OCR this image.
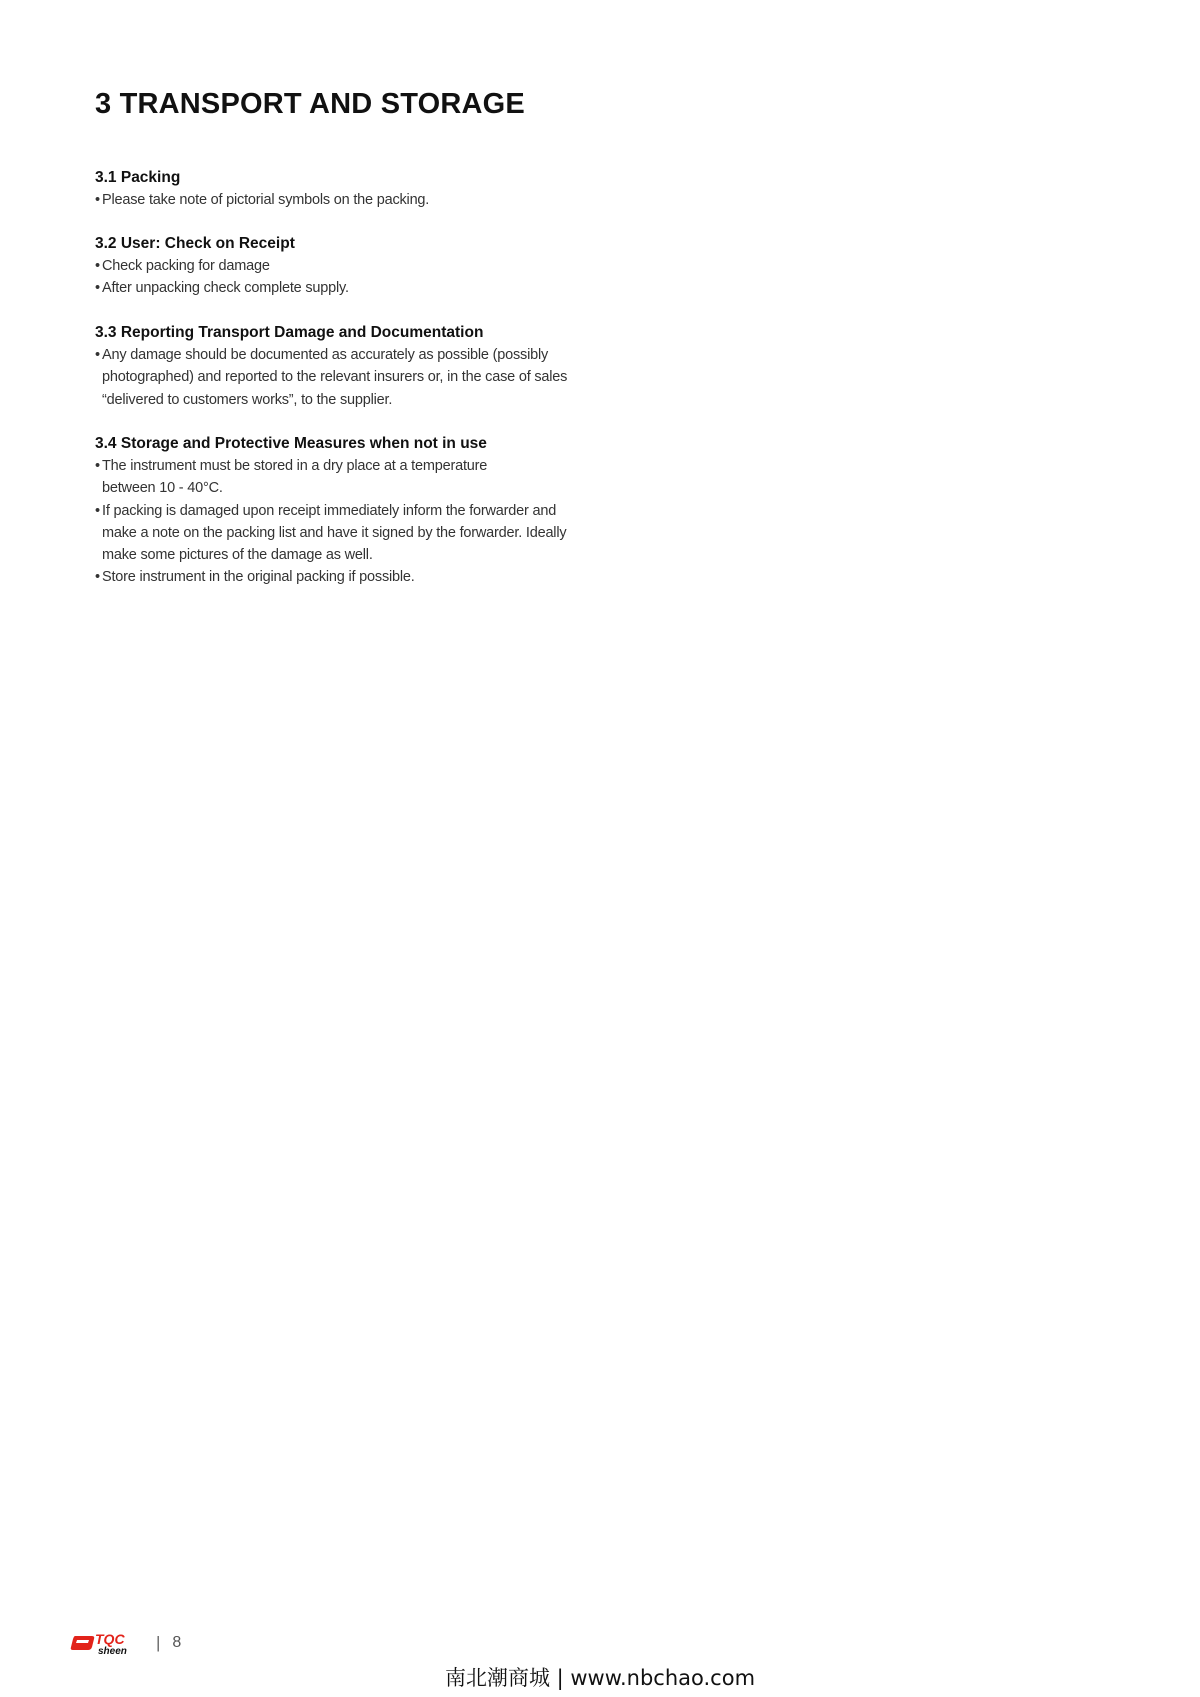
3 TRANSPORT AND STORAGE
3.1 Packing
• Please take note of pictorial symbols on the packing.
3.2 User: Check on Receipt
• Check packing for damage
• After unpacking check complete supply.
3.3 Reporting Transport Damage and Documentation
• Any damage should be documented as accurately as possible (possibly
photographed) and reported to the relevant insurers or, in the case of sales
“delivered to customers works”, to the supplier.
3.4 Storage and Protective Measures when not in use
• The instrument must be stored in a dry place at a temperature
between 10 - 40°C.
• If packing is damaged upon receipt immediately inform the forwarder and
make a note on the packing list and have it signed by the forwarder. Ideally
make some pictures of the damage as well.
• Store instrument in the original packing if possible.
TQC
sheen | 8
南北潮商城 | www.nbchao.com
